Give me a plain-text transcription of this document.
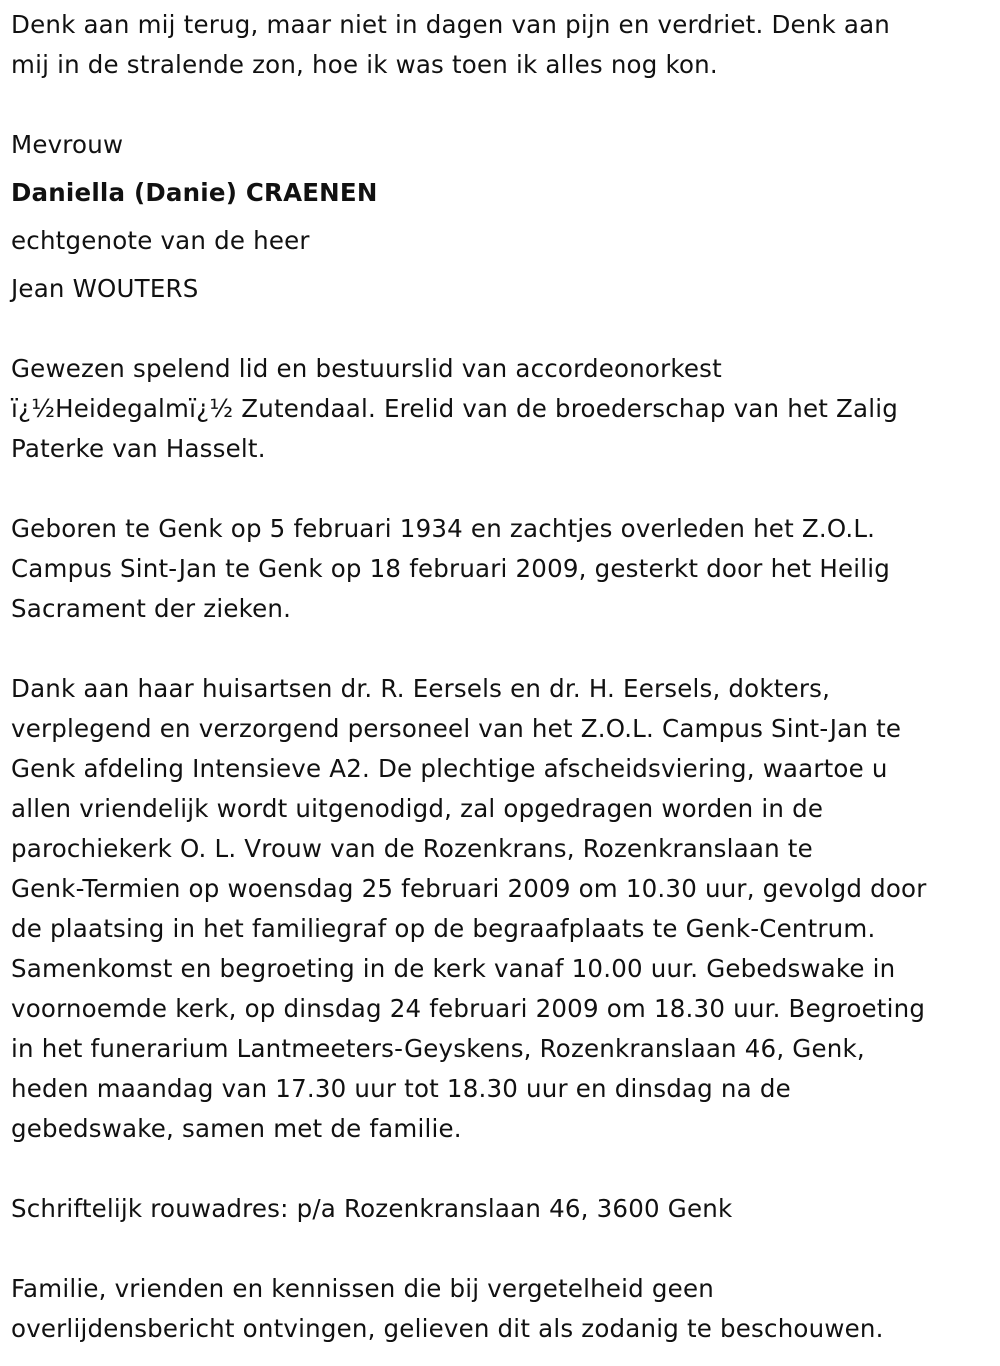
Denk aan mij terug, maar niet in dagen van pijn en verdriet. Denk aan
mij in de stralende zon, hoe ik was toen ik alles nog kon.

Mevrouw

Daniella (Danie) CRAENEN

echtgenote van de heer

Jean WOUTERS

Gewezen spelend lid en bestuurslid van accordeonorkest
ï¿½Heidegalmï¿½ Zutendaal. Erelid van de broederschap van het Zalig
Paterke van Hasselt.

Geboren te Genk op 5 februari 1934 en zachtjes overleden het Z.O.L.
Campus Sint-Jan te Genk op 18 februari 2009, gesterkt door het Heilig
Sacrament der zieken.

Dank aan haar huisartsen dr. R. Eersels en dr. H. Eersels, dokters,
verplegend en verzorgend personeel van het Z.O.L. Campus Sint-Jan te
Genk afdeling Intensieve A2. De plechtige afscheidsviering, waartoe u
allen vriendelijk wordt uitgenodigd, zal opgedragen worden in de
parochiekerk O. L. Vrouw van de Rozenkrans, Rozenkranslaan te
Genk-Termien op woensdag 25 februari 2009 om 10.30 uur, gevolgd door
de plaatsing in het familiegraf op de begraafplaats te Genk-Centrum.
Samenkomst en begroeting in de kerk vanaf 10.00 uur. Gebedswake in
voornoemde kerk, op dinsdag 24 februari 2009 om 18.30 uur. Begroeting
in het funerarium Lantmeeters-Geyskens, Rozenkranslaan 46, Genk,
heden maandag van 17.30 uur tot 18.30 uur en dinsdag na de
gebedswake, samen met de familie.

Schriftelijk rouwadres: p/a Rozenkranslaan 46, 3600 Genk

Familie, vrienden en kennissen die bij vergetelheid geen
overlijdensbericht ontvingen, gelieven dit als zodanig te beschouwen.
